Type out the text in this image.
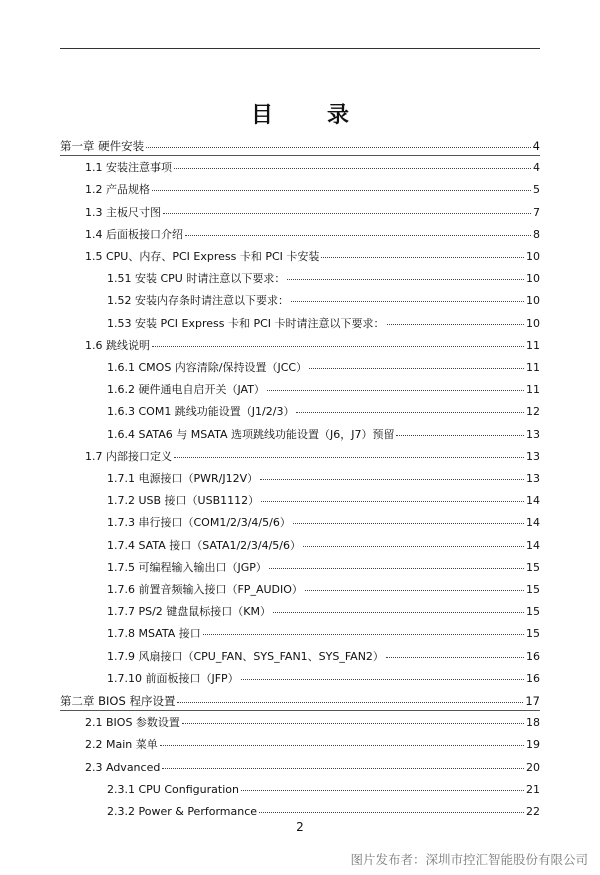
目　录
第一章 硬件安装	4
1.1 安装注意事项	4
1.2 产品规格	5
1.3 主板尺寸图	7
1.4 后面板接口介绍	8
1.5 CPU、内存、PCI Express 卡和 PCI 卡安装	10
1.51 安装 CPU 时请注意以下要求：	10
1.52 安装内存条时请注意以下要求：	10
1.53 安装 PCI Express 卡和 PCI 卡时请注意以下要求：	10
1.6 跳线说明	11
1.6.1 CMOS 内容清除/保持设置（JCC）	11
1.6.2 硬件通电自启开关（JAT）	11
1.6.3 COM1 跳线功能设置（J1/2/3）	12
1.6.4 SATA6 与 MSATA 选项跳线功能设置（J6，J7）预留	13
1.7 内部接口定义	13
1.7.1 电源接口（PWR/J12V）	13
1.7.2 USB 接口（USB1112）	14
1.7.3 串行接口（COM1/2/3/4/5/6）	14
1.7.4 SATA 接口（SATA1/2/3/4/5/6）	14
1.7.5 可编程输入输出口（JGP）	15
1.7.6 前置音频输入接口（FP_AUDIO）	15
1.7.7 PS/2 键盘鼠标接口（KM）	15
1.7.8 MSATA 接口	15
1.7.9 风扇接口（CPU_FAN、SYS_FAN1、SYS_FAN2）	16
1.7.10 前面板接口（JFP）	16
第二章 BIOS 程序设置	17
2.1 BIOS 参数设置	18
2.2 Main 菜单	19
2.3 Advanced	20
2.3.1 CPU Configuration	21
2.3.2 Power & Performance	22
2
图片发布者：深圳市控汇智能股份有限公司
